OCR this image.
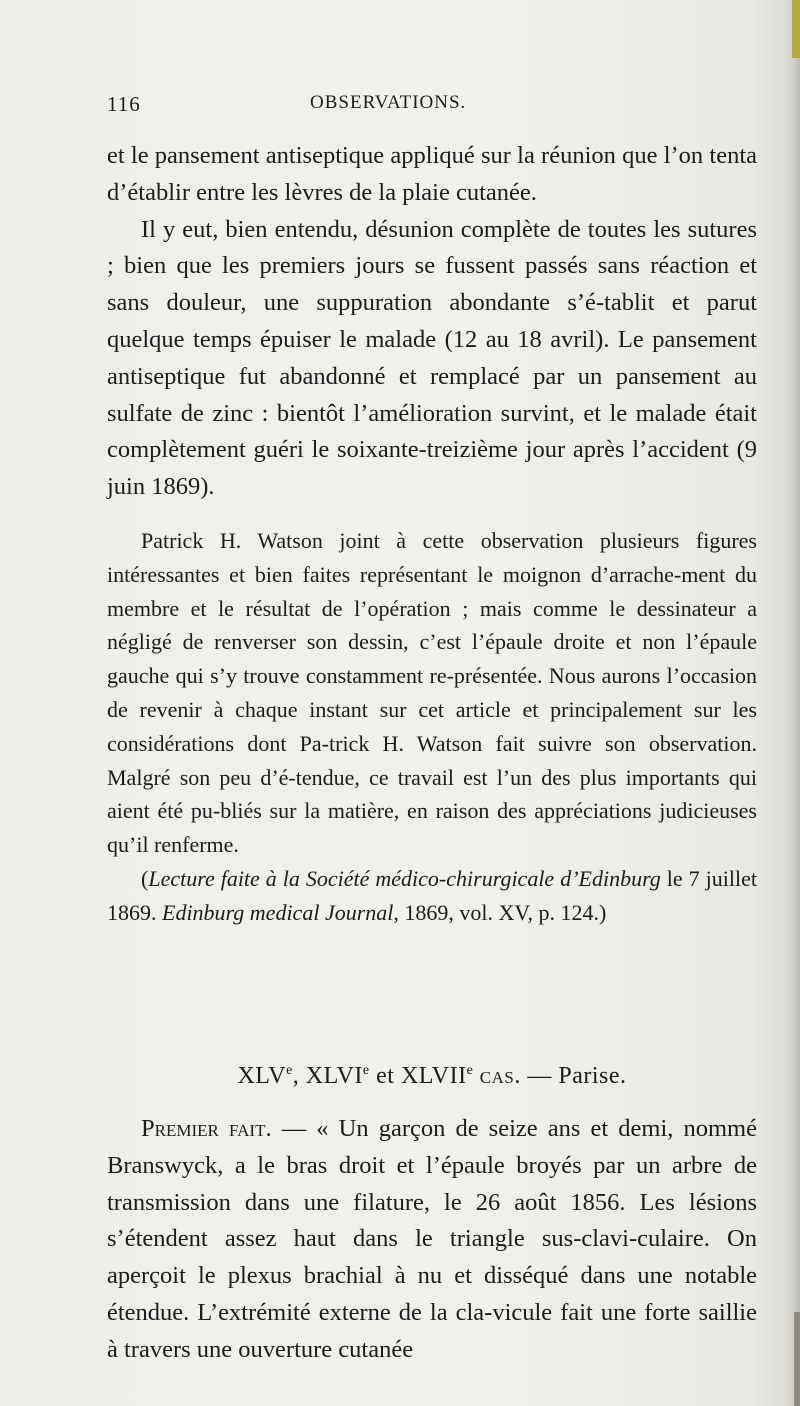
116	OBSERVATIONS.

et le pansement antiseptique appliqué sur la réunion que l’on tenta d’établir entre les lèvres de la plaie cutanée.

Il y eut, bien entendu, désunion complète de toutes les sutures ; bien que les premiers jours se fussent passés sans réaction et sans douleur, une suppuration abondante s’é-tablit et parut quelque temps épuiser le malade (12 au 18 avril). Le pansement antiseptique fut abandonné et remplacé par un pansement au sulfate de zinc : bientôt l’amélioration survint, et le malade était complètement guéri le soixante-treizième jour après l’accident (9 juin 1869).

Patrick H. Watson joint à cette observation plusieurs figures intéressantes et bien faites représentant le moignon d’arrache-ment du membre et le résultat de l’opération ; mais comme le dessinateur a négligé de renverser son dessin, c’est l’épaule droite et non l’épaule gauche qui s’y trouve constamment re-présentée. Nous aurons l’occasion de revenir à chaque instant sur cet article et principalement sur les considérations dont Pa-trick H. Watson fait suivre son observation. Malgré son peu d’é-tendue, ce travail est l’un des plus importants qui aient été pu-bliés sur la matière, en raison des appréciations judicieuses qu’il renferme.

(Lecture faite à la Société médico-chirurgicale d’Edinburg le 7 juillet 1869. Edinburg medical Journal, 1869, vol. XV, p. 124.)

XLVe, XLVIe et XLVIIe cas. — Parise.

Premier fait. — « Un garçon de seize ans et demi, nommé Branswyck, a le bras droit et l’épaule broyés par un arbre de transmission dans une filature, le 26 août 1856. Les lésions s’étendent assez haut dans le triangle sus-clavi-culaire. On aperçoit le plexus brachial à nu et disséqué dans une notable étendue. L’extrémité externe de la cla-vicule fait une forte saillie à travers une ouverture cutanée
